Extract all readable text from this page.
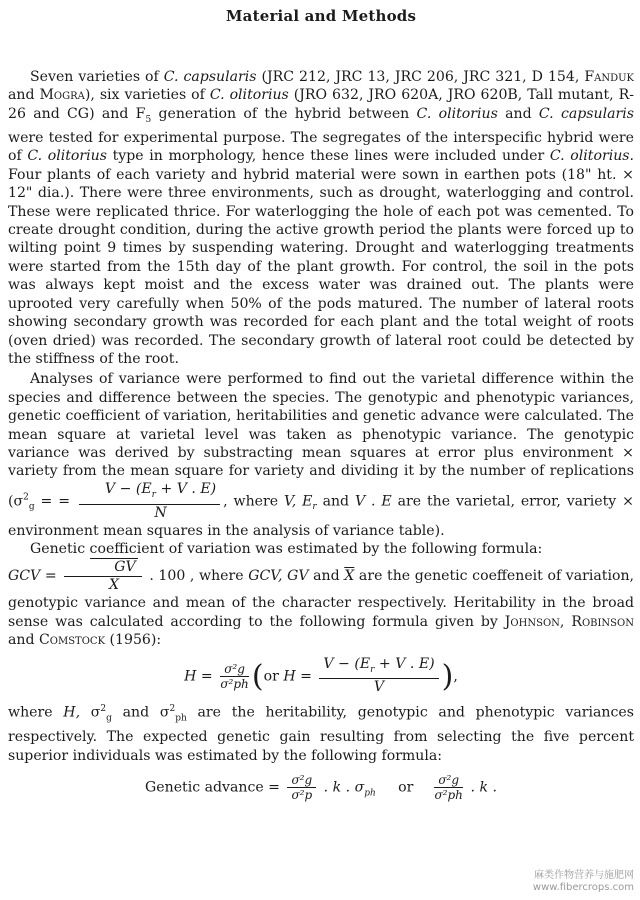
Material and Methods

Seven varieties of C. capsularis (JRC 212, JRC 13, JRC 206, JRC 321, D 154, Fanduk and Mogra), six varieties of C. olitorius (JRO 632, JRO 620A, JRO 620B, Tall mutant, R-26 and CG) and $F_5$ generation of the hybrid between C. olitorius and C. capsularis were tested for experimental purpose. The segregates of the interspecific hybrid were of C. olitorius type in morphology, hence these lines were included under C. olitorius. Four plants of each variety and hybrid material were sown in earthen pots (18" ht. × 12" dia.). There were three environments, such as drought, waterlogging and control. These were replicated thrice. For waterlogging the hole of each pot was cemented. To create drought condition, during the active growth period the plants were forced up to wilting point 9 times by suspending watering. Drought and waterlogging treatments were started from the 15th day of the plant growth. For control, the soil in the pots was always kept moist and the excess water was drained out. The plants were uprooted very carefully when 50% of the pods matured. The number of lateral roots showing secondary growth was recorded for each plant and the total weight of roots (oven dried) was recorded. The secondary growth of lateral root could be detected by the stiffness of the root.

Analyses of variance were performed to find out the varietal difference within the species and difference between the species. The genotypic and phenotypic variances, genetic coefficient of variation, heritabilities and genetic advance were calculated. The mean square at varietal level was taken as phenotypic variance. The genotypic variance was derived by substracting mean squares at error plus environment × variety from the mean square for variety and dividing it by the number of replications ($\sigma^2_g$ = = $\frac{V - (E_r + V . E)}{N}$ , where V, $E_r$ and V . E are the varietal, error, variety × environment mean squares in the analysis of variance table).

Genetic coefficient of variation was estimated by the following formula:
GCV = $\frac{GV}{X}$ . 100 , where GCV, GV and $\overline{X}$ are the genetic coeffeneit of variation, genotypic variance and mean of the character respectively. Heritability in the broad sense was calculated according to the following formula given by Johnson, Robinson and Comstock (1956):

$H = \frac{\text{σ²g}}{\text{σ²ph}} (or$ $H = \frac{V - (E_r + V . E)}{V}$ ),

where H, $\sigma^2_g$ and $\sigma^2_{ph}$ are the heritability, genotypic and phenotypic variances respectively. The expected genetic gain resulting from selecting the five percent superior individuals was estimated by the following formula:

Genetic advance = $\frac{\text{σ²g}}{\text{σ²p}}$ . k . $\sigma_{ph}$ or $\frac{\text{σ²g}}{\text{σ²ph}}$ . k .
麻类作物营养与施肥网
www.fibercrops.com
